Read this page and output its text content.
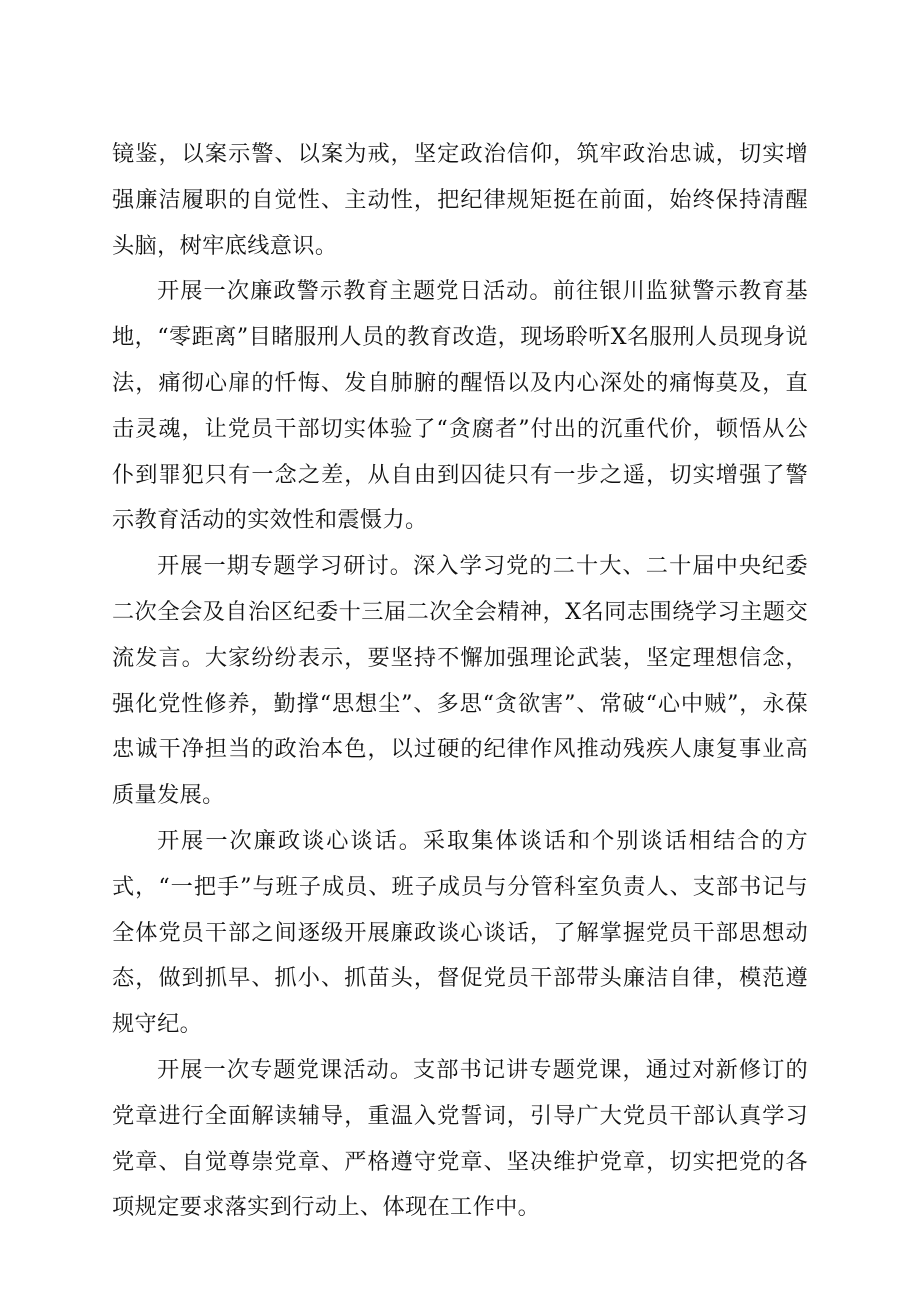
镜鉴，以案示警、以案为戒，坚定政治信仰，筑牢政治忠诚，切实增强廉洁履职的自觉性、主动性，把纪律规矩挺在前面，始终保持清醒头脑，树牢底线意识。

开展一次廉政警示教育主题党日活动。前往银川监狱警示教育基地，“零距离”目睹服刑人员的教育改造，现场聆听X名服刑人员现身说法，痛彻心扉的忏悔、发自肺腑的醒悟以及内心深处的痛悔莫及，直击灵魂，让党员干部切实体验了“贪腐者”付出的沉重代价，顿悟从公仆到罪犯只有一念之差，从自由到囚徒只有一步之遥，切实增强了警示教育活动的实效性和震慑力。

开展一期专题学习研讨。深入学习党的二十大、二十届中央纪委二次全会及自治区纪委十三届二次全会精神，X名同志围绕学习主题交流发言。大家纷纷表示，要坚持不懈加强理论武装，坚定理想信念，强化党性修养，勤撑“思想尘”、多思“贪欲害”、常破“心中贼”，永葆忠诚干净担当的政治本色，以过硬的纪律作风推动残疾人康复事业高质量发展。

开展一次廉政谈心谈话。采取集体谈话和个别谈话相结合的方式，“一把手”与班子成员、班子成员与分管科室负责人、支部书记与全体党员干部之间逐级开展廉政谈心谈话，了解掌握党员干部思想动态，做到抓早、抓小、抓苗头，督促党员干部带头廉洁自律，模范遵规守纪。

开展一次专题党课活动。支部书记讲专题党课，通过对新修订的党章进行全面解读辅导，重温入党誓词，引导广大党员干部认真学习党章、自觉尊崇党章、严格遵守党章、坚决维护党章，切实把党的各项规定要求落实到行动上、体现在工作中。
